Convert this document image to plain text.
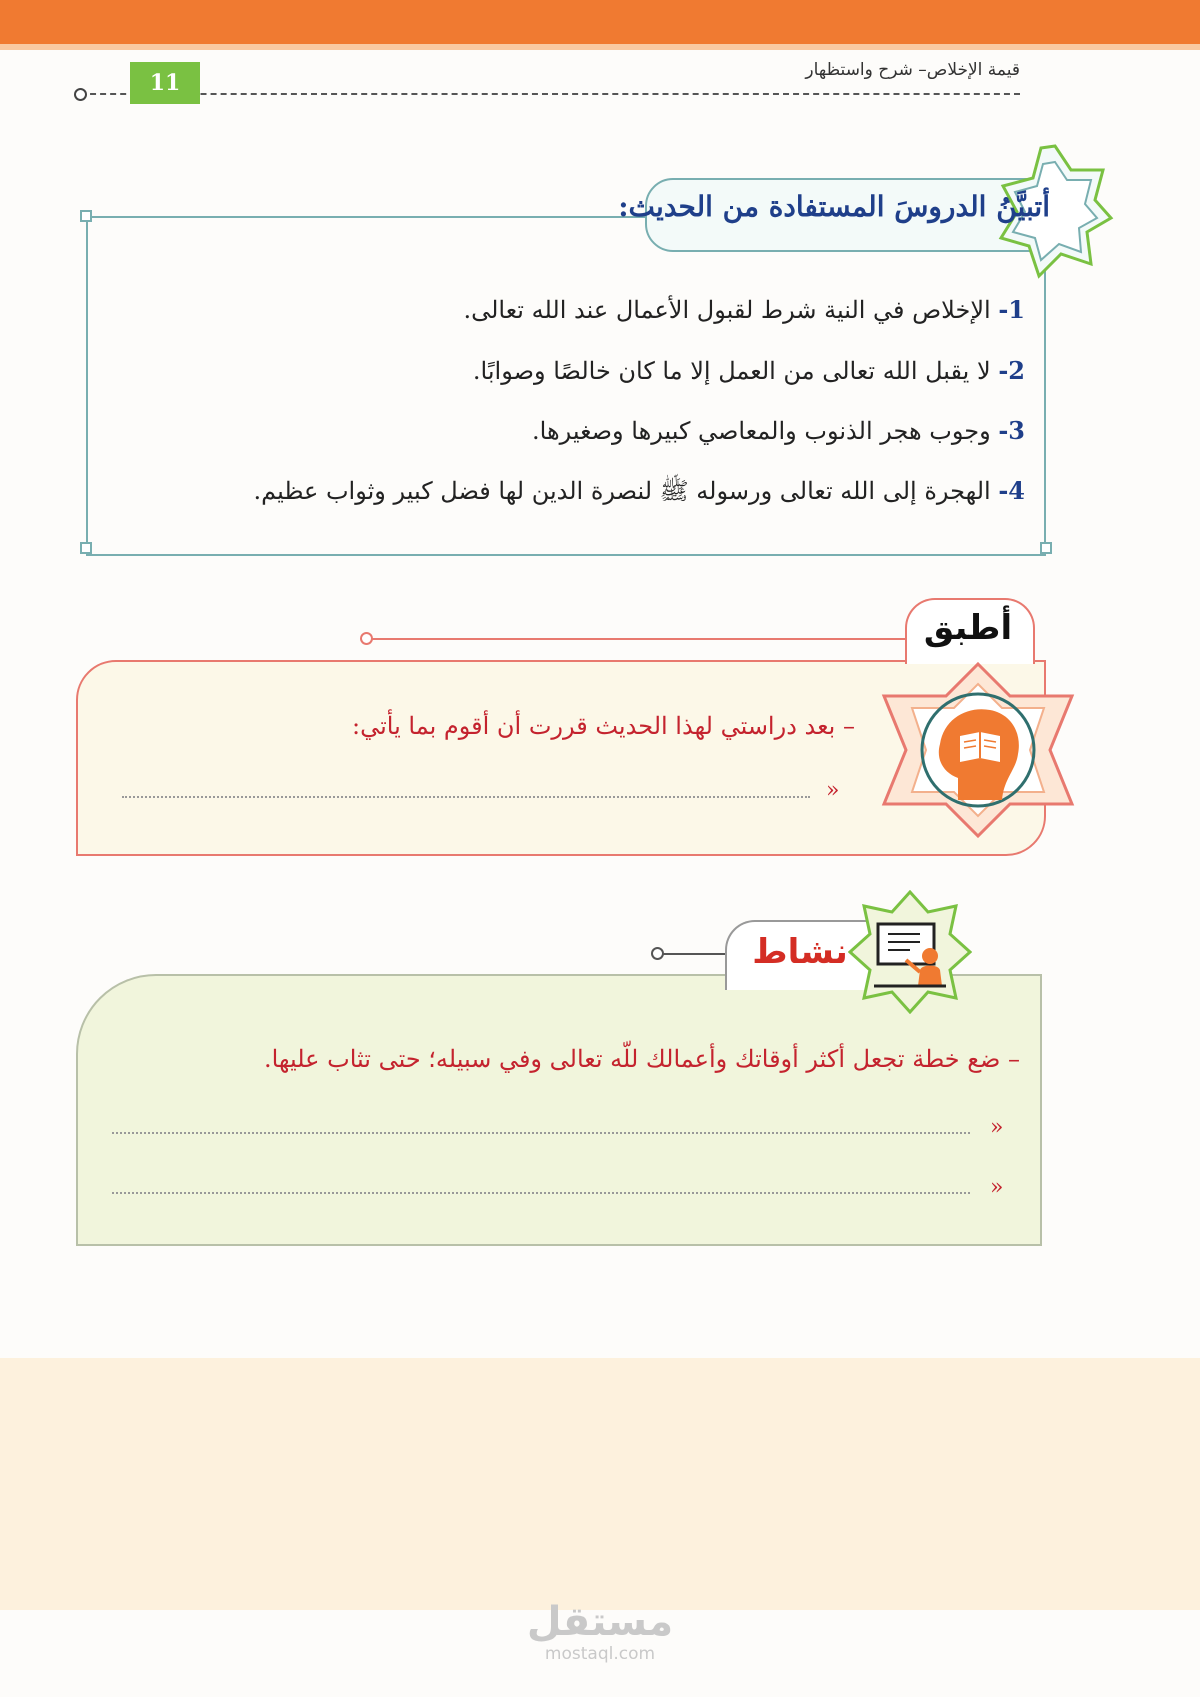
قيمة الإخلاص– شرح واستظهار
11
أتبيَّنُ الدروسَ المستفادة من الحديث:
1- الإخلاص في النية شرط لقبول الأعمال عند الله تعالى.
2- لا يقبل الله تعالى من العمل إلا ما كان خالصًا وصوابًا.
3- وجوب هجر الذنوب والمعاصي كبيرها وصغيرها.
4- الهجرة إلى الله تعالى ورسوله ﷺ لنصرة الدين لها فضل كبير وثواب عظيم.
أطبق
– بعد دراستي لهذا الحديث قررت أن أقوم بما يأتي:
»
نشاط
– ضع خطة تجعل أكثر أوقاتك وأعمالك للّه تعالى وفي سبيله؛ حتى تثاب عليها.
»
»
مستقل
mostaql.com
